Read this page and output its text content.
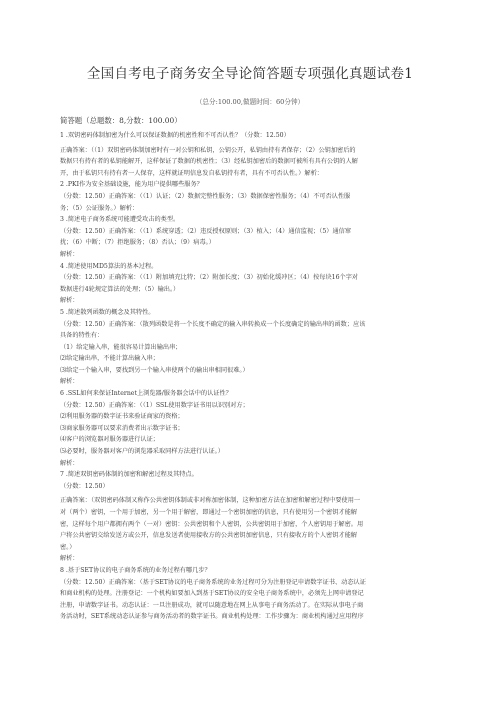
全国自考电子商务安全导论简答题专项强化真题试卷1
（总分:100.00,做题时间：60分钟）
简答题（总题数：8,分数：100.00）
1 .双钥密码体制加密为什么可以保证数据的机密性和不可否认性？（分数：12.50）
正确答案：（（1）双钥密码体制加密时有一对公钥和私钥，公钥公开，私钥由持有者保存；（2）公钥加密后的
数据只有持有者的私钥能解开，这样保证了数据的机密性；（3）经私钥加密后的数据可被所有具有公钥的人解
开，由于私钥只有持有者一人保存，这样就证明信息发自私钥持有者，具有不可否认性。）解析：
2 .PKI作为安全基础设施，能为用户提供哪些服务？
（分数：12.50）正确答案：（（1）认证；（2）数据完整性服务；（3）数据保密性服务；（4）不可否认性服
务；（5）公证服务。）解析：
3 .简述电子商务系统可能遭受攻击的类型。
（分数：12.50）正确答案：（（1）系统穿透；（2）违反授权原则；（3）植入；（4）通信监视；（5）通信窜
扰；（6）中断；（7）拒绝服务；（8）否认；（9）病毒。）
解析：
4 .简述使用MD5算法的基本过程。
（分数：12.50）正确答案：（（1）附加填充比特；（2）附加长度；（3）初始化缓冲区；（4）按每块16个字对
数据进行4轮规定算法的处理；（5）输出。）
解析：
5 .简述散列函数的概念及其特性。
（分数：12.50）正确答案：（散列函数是将一个长度不确定的输入串转换成一个长度确定的输出串的函数；应该
具备的特性有：
（1）给定输入串，能很容易计算出输出串；
⑵给定输出串，不能计算出输入串；
⑶给定一个输入串，要找到另一个输入串使两个的输出串相同很难。）
解析：
6 .SSL如何来保证Internet上浏览器/服务器会话中的认证性？
（分数：12.50）正确答案：（（1）SSL使用数字证书用以识别对方；
⑵利用服务器的数字证书来验证商家的资格；
⑶商家服务器可以要求消费者出示数字证书；
⑷客户的浏览器对服务器进行认证；
⑸必要时，服务器对客户的浏览器采取同样方法进行认证。）
解析：
7 .简述双钥密码体制的加密和解密过程及其特点。
（分数：12.50）
正确答案：（双钥密码体制又称作公共密钥体制或非对称加密体制，这种加密方法在加密和解密过程中要使用一
对（两个）密钥，一个用于加密，另一个用于解密，即通过一个密钥加密的信息，只有使用另一个密钥才能解
密，这样每个用户都拥有两个（一对）密钥：公共密钥和个人密钥，公共密钥用于加密，个人密钥用于解密。用
户将公共密钥交给发送方或公开，信息发送者使用接收方的公共密钥加密信息，只有接收方的个人密钥才能解
密。）
解析：
8 .基于SET协议的电子商务系统的业务过程有哪几步？
（分数：12.50）正确答案：（基于SET协议的电子商务系统的业务过程可分为注册登记申请数字证书、动态认证
和商业机构的处理。注册登记：一个机构如要加入到基于SET协议的安全电子商务系统中，必须先上网申请登记
注册，申请数字证书。动态认证：一旦注册成功，就可以随意地在网上从事电子商务活动了。在实际从事电子商
务活动时，SET系统动态认证参与商务活动者的数字证书。商业机构处理：工作步骤为：商业机构通过应用程序
